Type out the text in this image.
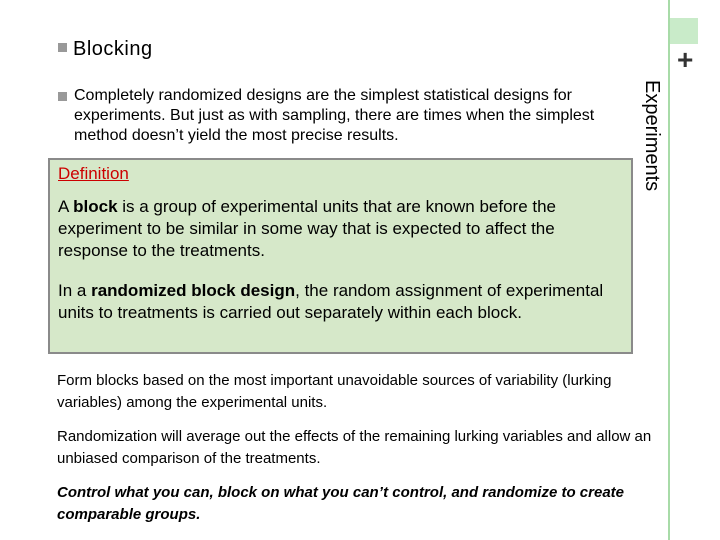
+
Experiments
Blocking

Completely randomized designs are the simplest statistical designs for experiments. But just as with sampling, there are times when the simplest method doesn’t yield the most precise results.

Definition

A block is a group of experimental units that are known before the experiment to be similar in some way that is expected to affect the response to the treatments.

In a randomized block design, the random assignment of experimental units to treatments is carried out separately within each block.

Form blocks based on the most important unavoidable sources of variability (lurking variables) among the experimental units.

Randomization will average out the effects of the remaining lurking variables and allow an unbiased comparison of the treatments.

Control what you can, block on what you can’t control, and randomize to create comparable groups.
